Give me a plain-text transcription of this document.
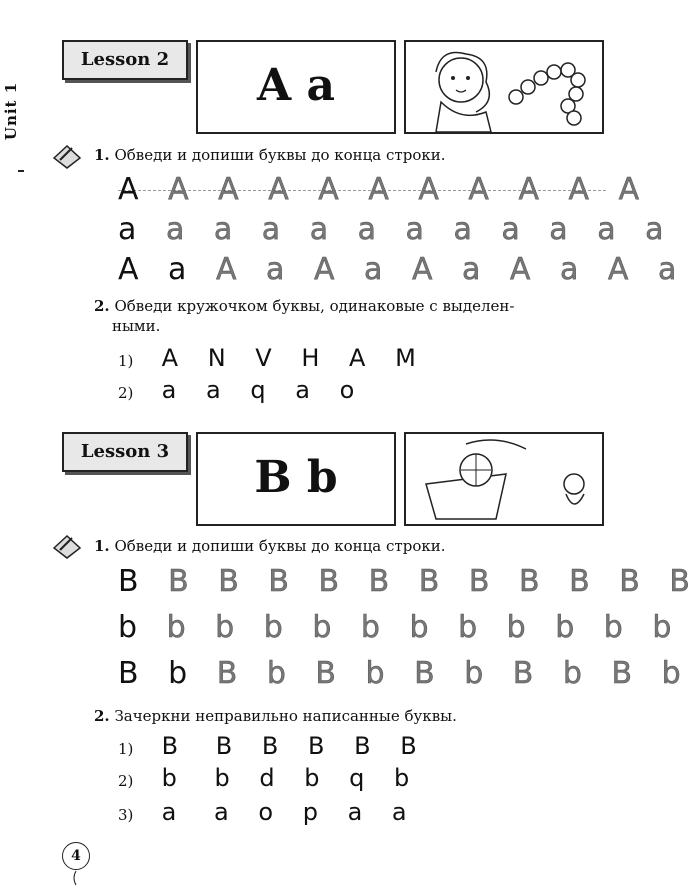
Unit 1
Lesson 2
A a
1. Обведи и допиши буквы до конца строки.
A A A A A A A A A A A
a a a a a a a a a a a a
A a A a A a A a A a A a
2. Обведи кружочком буквы, одинаковые с выделен-
ными.
1) A N V H A M
2) a a q a o
Lesson 3
B b
1. Обведи и допиши буквы до конца строки.
B B B B B B B B B B B B
b b b b b b b b b b b b
B b B b B b B b B b B b
2. Зачеркни неправильно написанные буквы.
1) B B B B B B
2) b b d b q b
3) a a o p a a
4
